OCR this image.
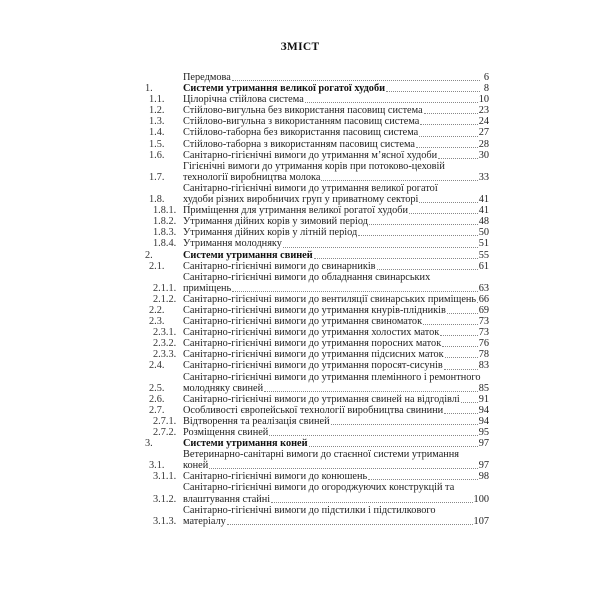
ЗМІСТ
Передмова	6
1.	Системи утримання великої рогатої худоби	8
1.1.	Цілорічна стійлова система	10
1.2.	Стійлово-вигульна без використання пасовищ система	23
1.3.	Стійлово-вигульна з використанням пасовищ система	24
1.4.	Стійлово-таборна без використання пасовищ система	27
1.5.	Стійлово-таборна з використанням пасовищ система	28
1.6.	Санітарно-гігієнічні вимоги до утримання м’ясної худоби	30
1.7.
Гігієнічні вимоги до утримання корів при потоково-цеховій
технології виробництва молока	33
1.8.
Санітарно-гігієнічні вимоги до утримання великої рогатої
худоби різних виробничих груп у приватному секторі	41
1.8.1. Приміщення для утримання великої рогатої худоби	41
1.8.2. Утримання дійних корів у зимовий період	48
1.8.3. Утримання дійних корів у літній період	50
1.8.4. Утримання молодняку	51
2.	Системи утримання свиней	55
2.1.	Санітарно-гігієнічні вимоги до свинарників	61
2.1.1.
Санітарно-гігієнічні вимоги до обладнання свинарських
приміщень	63
2.1.2. Санітарно-гігієнічні вимоги до вентиляції свинарських приміщень 66
2.2.	Санітарно-гігієнічні вимоги до утримання кнурів-плідників	69
2.3.	Санітарно-гігієнічні вимоги до утримання свиноматок	73
2.3.1. Санітарно-гігієнічні вимоги до утримання холостих маток	73
2.3.2. Санітарно-гігієнічні вимоги до утримання поросних маток	76
2.3.3. Санітарно-гігієнічні вимоги до утримання підсисних маток	78
2.4.	Санітарно-гігієнічні вимоги до утримання поросят-сисунів	83
2.5.
Санітарно-гігієнічні вимоги до утримання племінного і ремонтного
молодняку свиней	85
2.6.	Санітарно-гігієнічні вимоги до утримання свиней на відгодівлі 91
2.7.	Особливості європейської технології виробництва свинини	94
2.7.1. Відтворення та реалізація свиней	94
2.7.2. Розміщення свиней	95
3.	Системи утримання коней	97
3.1.
Ветеринарно-санітарні вимоги до стаєнної системи утримання
коней	97
3.1.1. Санітарно-гігієнічні вимоги до конюшень	98
3.1.2.
Санітарно-гігієнічні вимоги до огороджуючих конструкцій та
влаштування стайні	100
3.1.3.
Санітарно-гігієнічні вимоги до підстилки і підстилкового
матеріалу	107
